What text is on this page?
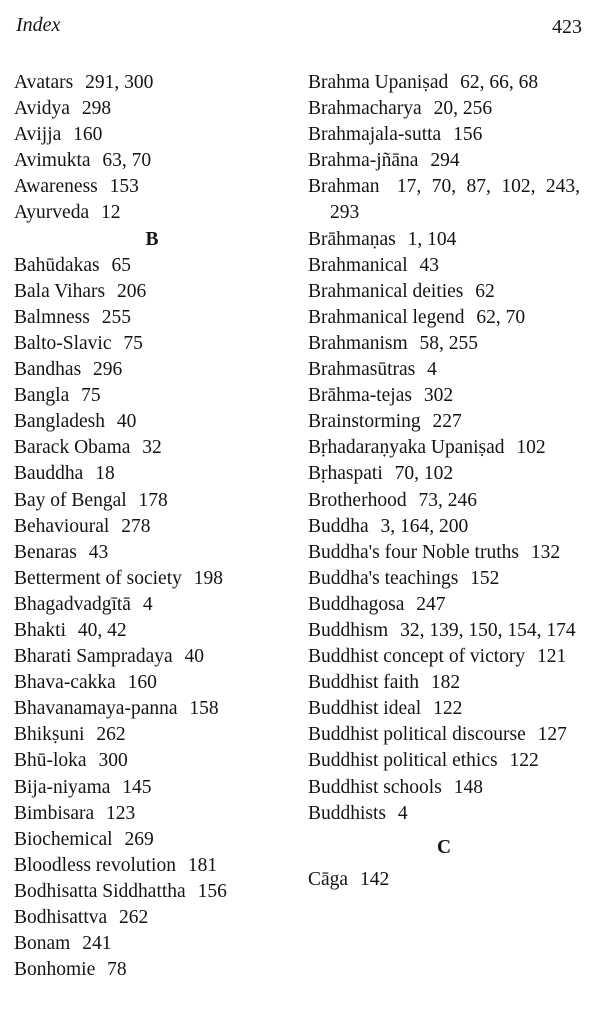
Index	423
Avatars 291, 300
Avidya 298
Avijja 160
Avimukta 63, 70
Awareness 153
Ayurveda 12
B
Bahūdakas 65
Bala Vihars 206
Balmness 255
Balto-Slavic 75
Bandhas 296
Bangla 75
Bangladesh 40
Barack Obama 32
Bauddha 18
Bay of Bengal 178
Behavioural 278
Benaras 43
Betterment of society 198
Bhagadvadgītā 4
Bhakti 40, 42
Bharati Sampradaya 40
Bhava-cakka 160
Bhavanamaya-panna 158
Bhikṣuni 262
Bhū-loka 300
Bija-niyama 145
Bimbisara 123
Biochemical 269
Bloodless revolution 181
Bodhisatta Siddhattha 156
Bodhisattva 262
Bonam 241
Bonhomie 78
Brahma Upaniṣad 62, 66, 68
Brahmacharya 20, 256
Brahmajala-sutta 156
Brahma-jñāna 294
Brahman 17, 70, 87, 102, 243, 293
Brāhmaṇas 1, 104
Brahmanical 43
Brahmanical deities 62
Brahmanical legend 62, 70
Brahmanism 58, 255
Brahmasūtras 4
Brāhma-tejas 302
Brainstorming 227
Bṛhadaraṇyaka Upaniṣad 102
Bṛhaspati 70, 102
Brotherhood 73, 246
Buddha 3, 164, 200
Buddha's four Noble truths 132
Buddha's teachings 152
Buddhagosa 247
Buddhism 32, 139, 150, 154, 174
Buddhist concept of victory 121
Buddhist faith 182
Buddhist ideal 122
Buddhist political discourse 127
Buddhist political ethics 122
Buddhist schools 148
Buddhists 4
C
Cāga 142
